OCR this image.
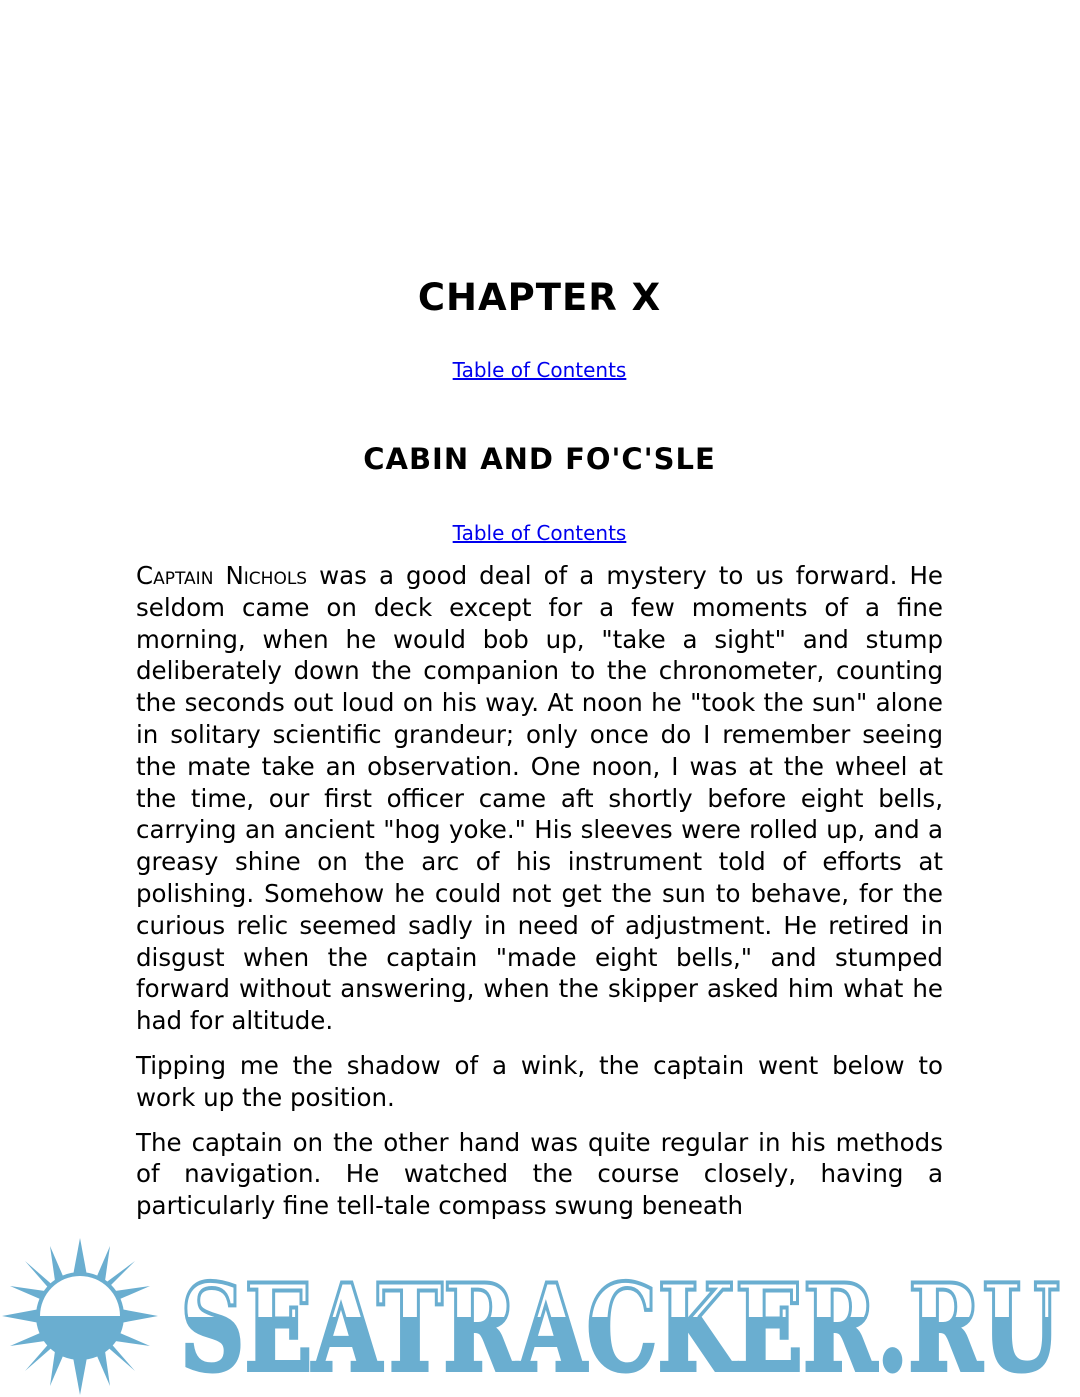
CHAPTER X
Table of Contents
CABIN AND FO'C'SLE
Table of Contents

Captain Nichols was a good deal of a mystery to us forward. He seldom came on deck except for a few moments of a fine morning, when he would bob up, "take a sight" and stump deliberately down the companion to the chronometer, counting the seconds out loud on his way. At noon he "took the sun" alone in solitary scientific grandeur; only once do I remember seeing the mate take an observation. One noon, I was at the wheel at the time, our first officer came aft shortly before eight bells, carrying an ancient "hog yoke." His sleeves were rolled up, and a greasy shine on the arc of his instrument told of efforts at polishing. Somehow he could not get the sun to behave, for the curious relic seemed sadly in need of adjustment. He retired in disgust when the captain "made eight bells," and stumped forward without answering, when the skipper asked him what he had for altitude.

Tipping me the shadow of a wink, the captain went below to work up the position.

The captain on the other hand was quite regular in his methods of navigation. He watched the course closely, having a particularly fine tell-tale compass swung beneath

SEATRACKER.RU
